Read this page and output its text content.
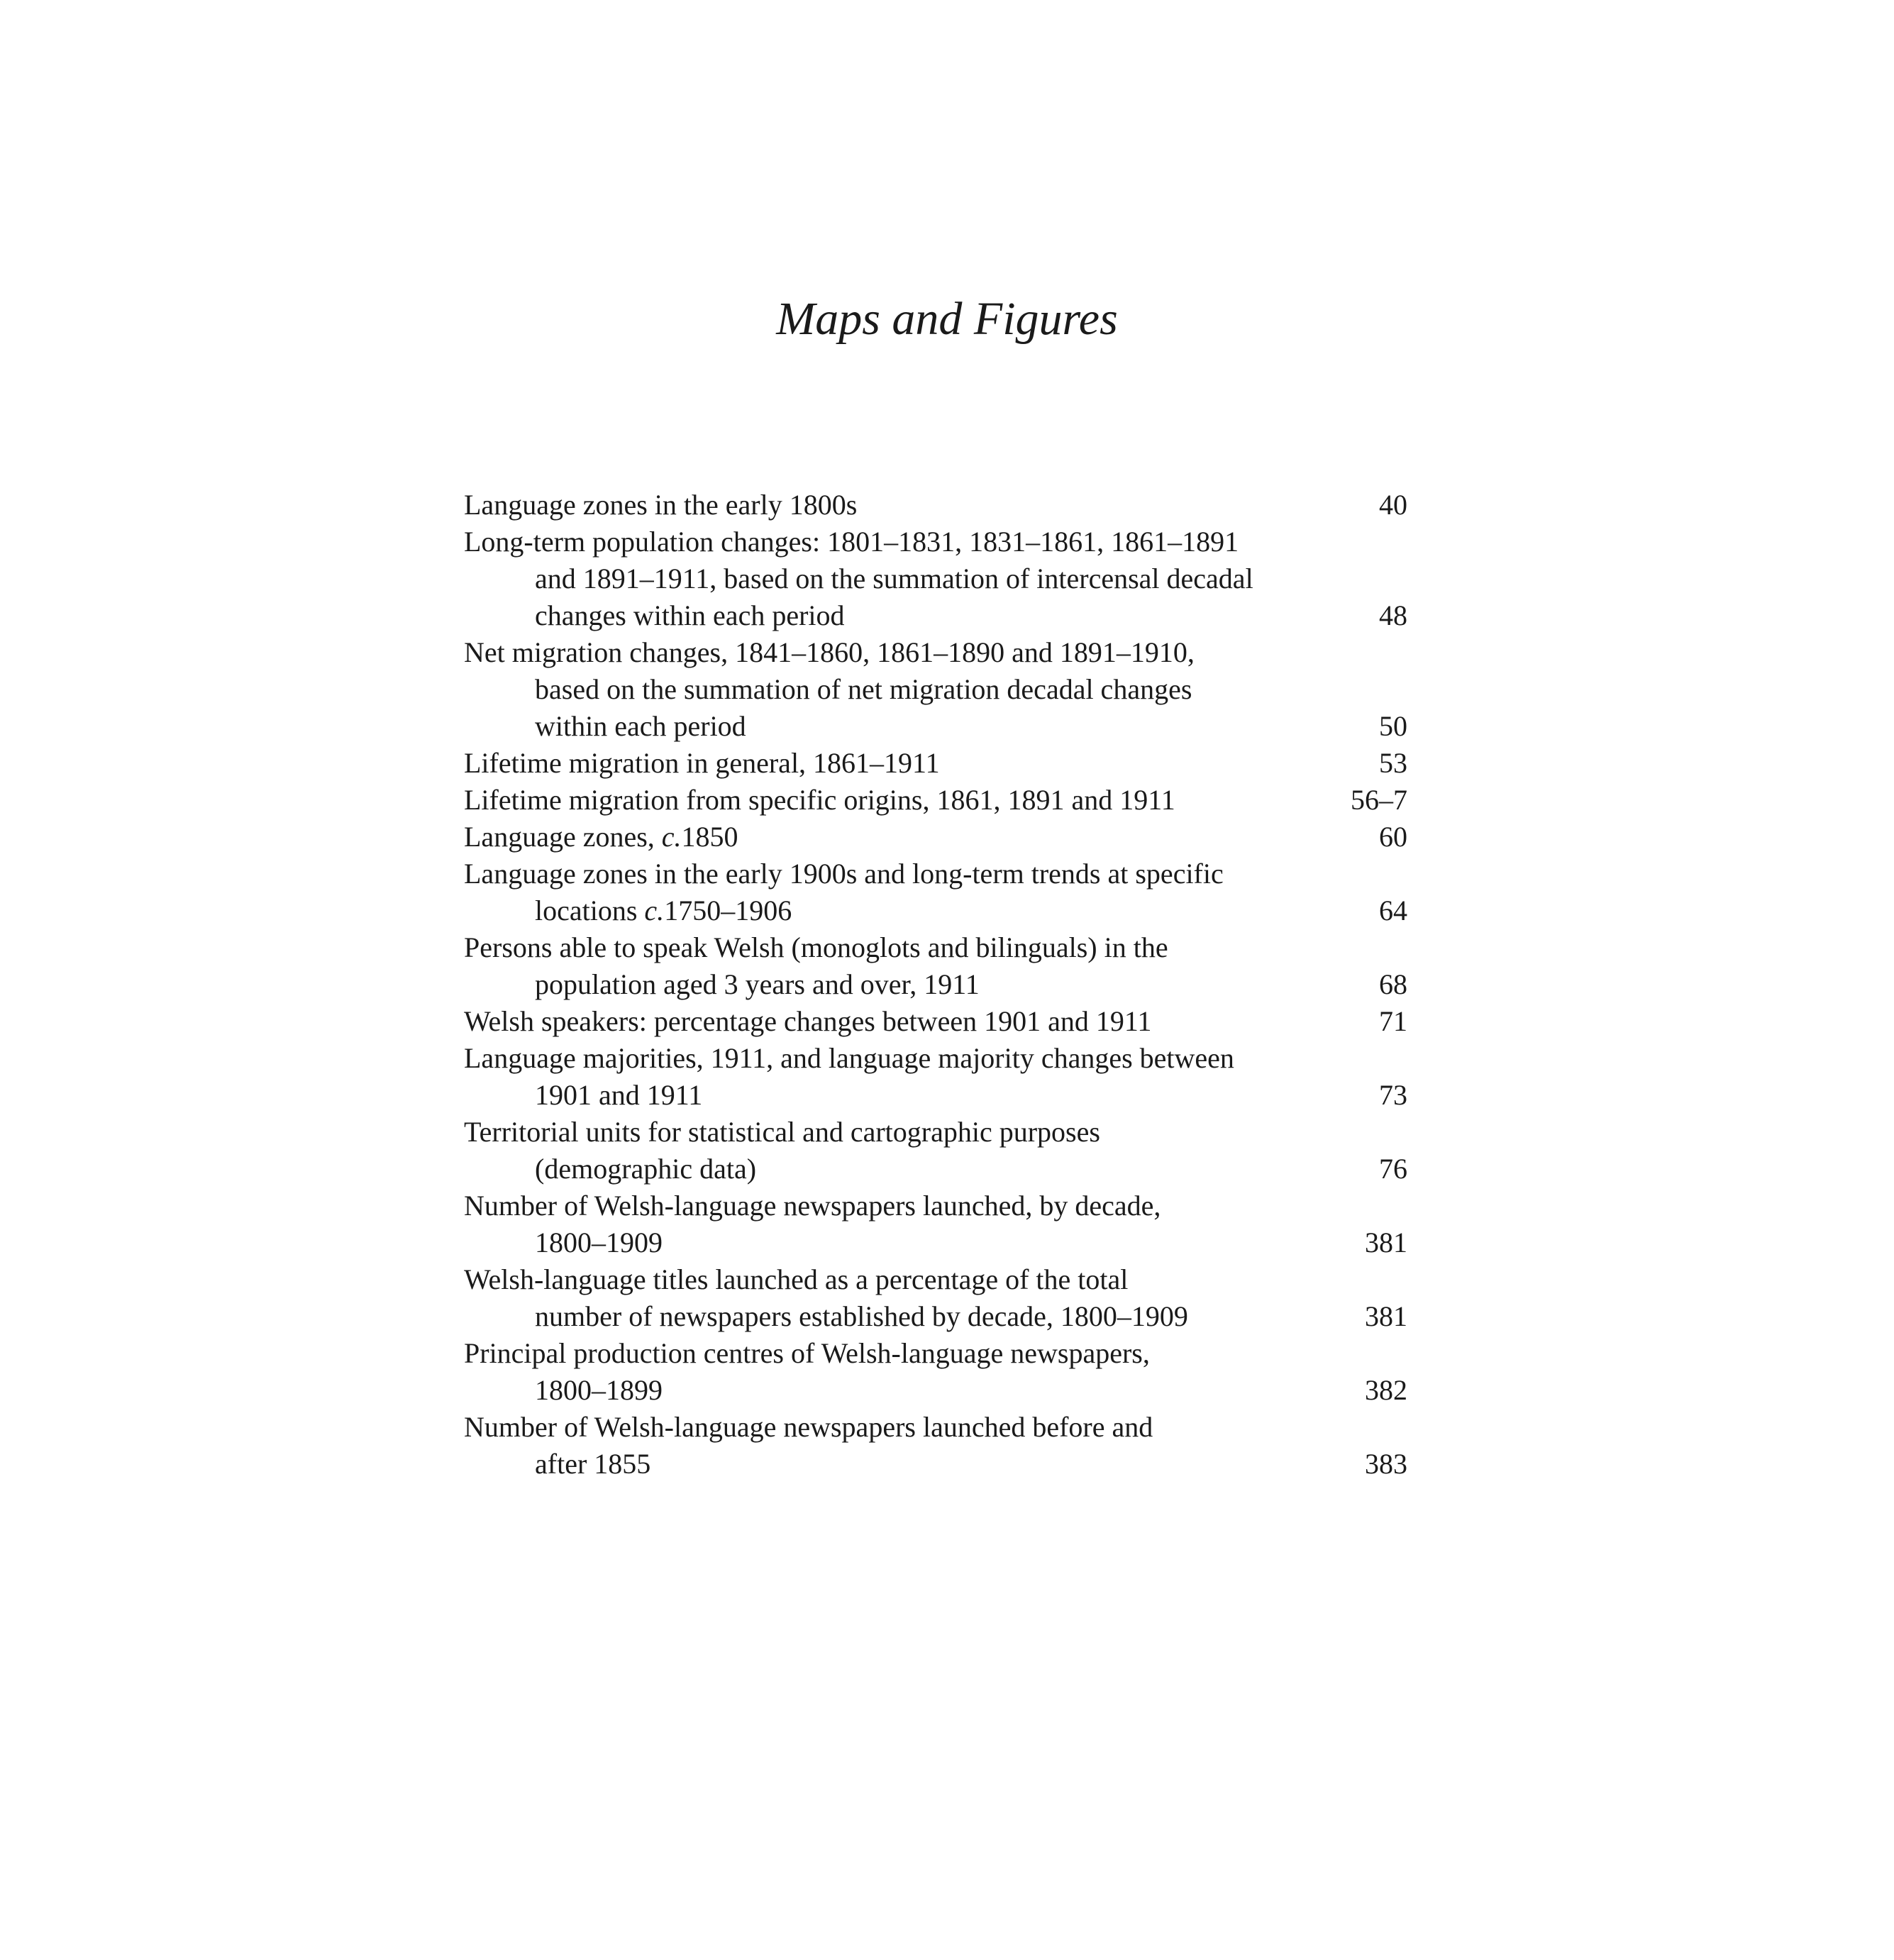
Maps and Figures
Language zones in the early 1800s	40
Long-term population changes: 1801–1831, 1831–1861, 1861–1891
and 1891–1911, based on the summation of intercensal decadal
changes within each period	48
Net migration changes, 1841–1860, 1861–1890 and 1891–1910,
based on the summation of net migration decadal changes
within each period	50
Lifetime migration in general, 1861–1911	53
Lifetime migration from specific origins, 1861, 1891 and 1911	56–7
Language zones, c.1850	60
Language zones in the early 1900s and long-term trends at specific
locations c.1750–1906	64
Persons able to speak Welsh (monoglots and bilinguals) in the
population aged 3 years and over, 1911	68
Welsh speakers: percentage changes between 1901 and 1911	71
Language majorities, 1911, and language majority changes between
1901 and 1911	73
Territorial units for statistical and cartographic purposes
(demographic data)	76
Number of Welsh-language newspapers launched, by decade,
1800–1909	381
Welsh-language titles launched as a percentage of the total
number of newspapers established by decade, 1800–1909	381
Principal production centres of Welsh-language newspapers,
1800–1899	382
Number of Welsh-language newspapers launched before and
after 1855	383
